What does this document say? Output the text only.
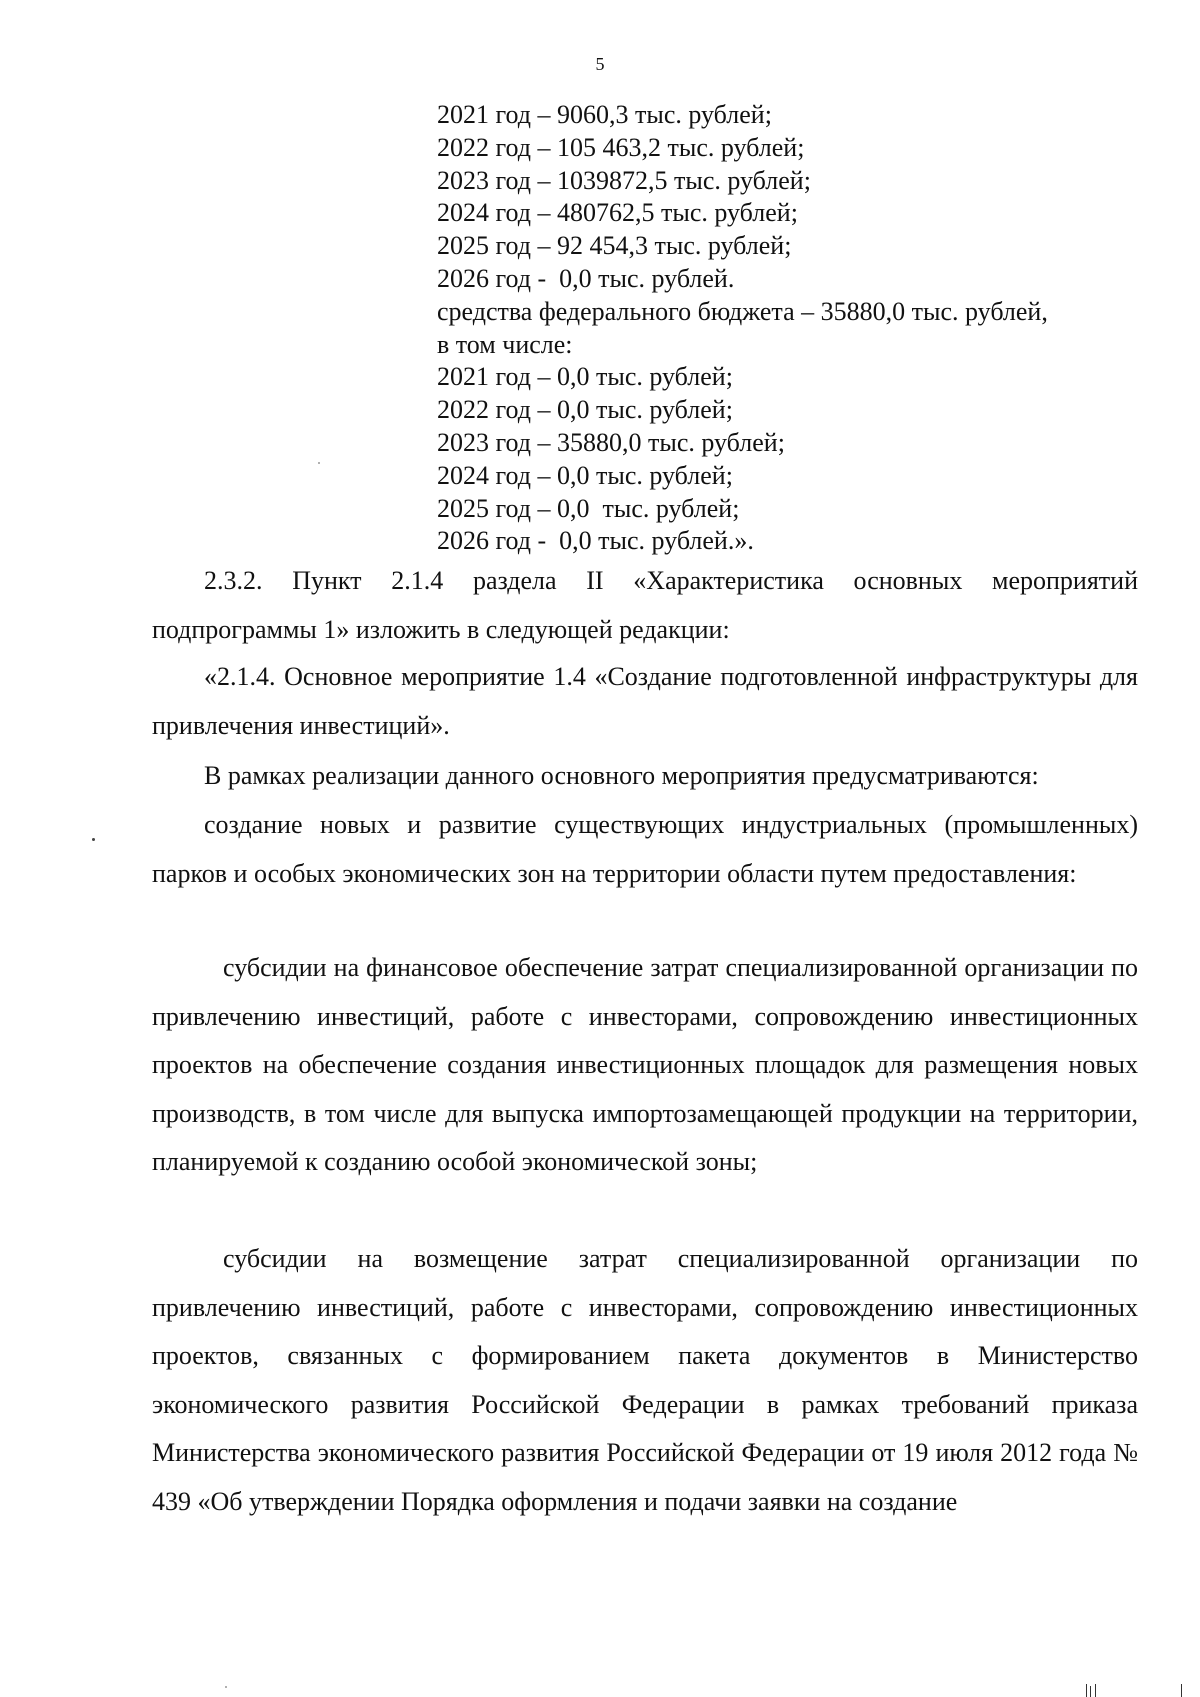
5
2021 год – 9060,3 тыс. рублей;
2022 год – 105 463,2 тыс. рублей;
2023 год – 1039872,5 тыс. рублей;
2024 год – 480762,5 тыс. рублей;
2025 год – 92 454,3 тыс. рублей;
2026 год -  0,0 тыс. рублей.
средства федерального бюджета – 35880,0 тыс. рублей,
в том числе:
2021 год – 0,0 тыс. рублей;
2022 год – 0,0 тыс. рублей;
2023 год – 35880,0 тыс. рублей;
2024 год – 0,0 тыс. рублей;
2025 год – 0,0  тыс. рублей;
2026 год -  0,0 тыс. рублей.».

2.3.2. Пункт 2.1.4 раздела II «Характеристика основных мероприятий подпрограммы 1» изложить в следующей редакции:

«2.1.4. Основное мероприятие 1.4 «Создание подготовленной инфраструктуры для привлечения инвестиций».

В рамках реализации данного основного мероприятия предусматриваются:

создание новых и развитие существующих индустриальных (промышленных) парков и особых экономических зон на территории области путем предоставления:

субсидии на финансовое обеспечение затрат специализированной организации по привлечению инвестиций, работе с инвесторами, сопровождению инвестиционных проектов на обеспечение создания инвестиционных площадок для размещения новых производств, в том числе для выпуска импортозамещающей продукции на территории, планируемой к созданию особой экономической зоны;

субсидии на возмещение затрат специализированной организации по привлечению инвестиций, работе с инвесторами, сопровождению инвестиционных проектов, связанных с формированием пакета документов в Министерство экономического развития Российской Федерации в рамках требований приказа Министерства экономического развития Российской Федерации от 19 июля 2012 года № 439 «Об утверждении Порядка оформления и подачи заявки на создание
